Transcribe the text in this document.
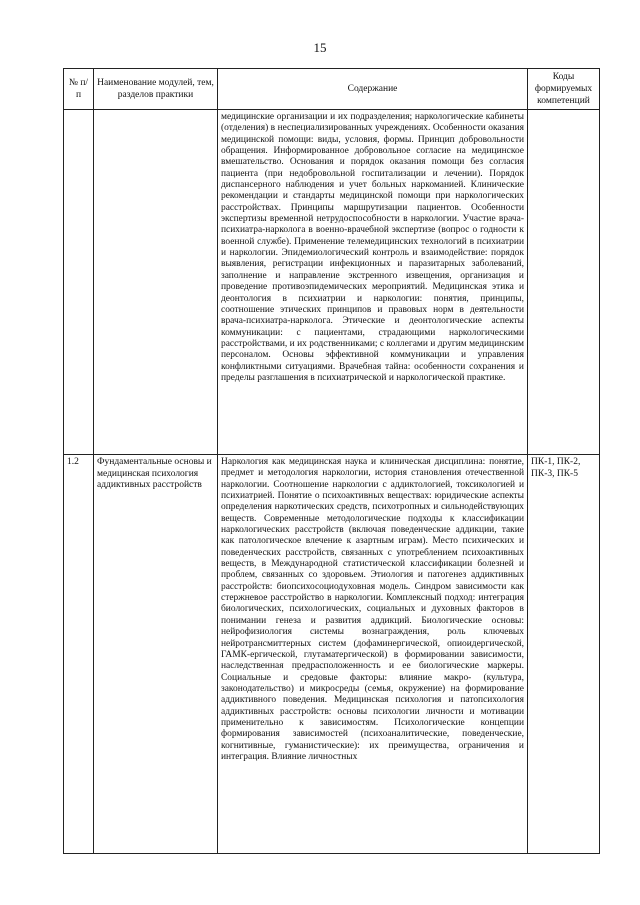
15
№ п/п	Наименование модулей, тем, разделов практики	Содержание	Коды формируемых компетенций
		медицинские организации и их подразделения; наркологические кабинеты (отделения) в неспециализированных учреждениях. Особенности оказания медицинской помощи: виды, условия, формы. Принцип добровольности обращения. Информированное добровольное согласие на медицинское вмешательство. Основания и порядок оказания помощи без согласия пациента (при недобровольной госпитализации и лечении). Порядок диспансерного наблюдения и учет больных наркоманией. Клинические рекомендации и стандарты медицинской помощи при наркологических расстройствах. Принципы маршрутизации пациентов. Особенности экспертизы временной нетрудоспособности в наркологии. Участие врача-психиатра-нарколога в военно-врачебной экспертизе (вопрос о годности к военной службе). Применение телемедицинских технологий в психиатрии и наркологии. Эпидемиологический контроль и взаимодействие: порядок выявления, регистрации инфекционных и паразитарных заболеваний, заполнение и направление экстренного извещения, организация и проведение противоэпидемических мероприятий. Медицинская этика и деонтология в психиатрии и наркологии: понятия, принципы, соотношение этических принципов и правовых норм в деятельности врача-психиатра-нарколога. Этические и деонтологические аспекты коммуникации: с пациентами, страдающими наркологическими расстройствами, и их родственниками; с коллегами и другим медицинским персоналом. Основы эффективной коммуникации и управления конфликтными ситуациями. Врачебная тайна: особенности сохранения и пределы разглашения в психиатрической и наркологической практике.	
1.2	Фундаментальные основы и медицинская психология аддиктивных расстройств	Наркология как медицинская наука и клиническая дисциплина: понятие, предмет и методология наркологии, история становления отечественной наркологии. Соотношение наркологии с аддиктологией, токсикологией и психиатрией. Понятие о психоактивных веществах: юридические аспекты определения наркотических средств, психотропных и сильнодействующих веществ. Современные методологические подходы к классификации наркологических расстройств (включая поведенческие аддикции, такие как патологическое влечение к азартным играм). Место психических и поведенческих расстройств, связанных с употреблением психоактивных веществ, в Международной статистической классификации болезней и проблем, связанных со здоровьем. Этиология и патогенез аддиктивных расстройств: биопсихосоциодуховная модель. Синдром зависимости как стержневое расстройство в наркологии. Комплексный подход: интеграция биологических, психологических, социальных и духовных факторов в понимании генеза и развития аддикций. Биологические основы: нейрофизиология системы вознаграждения, роль ключевых нейротрансмиттерных систем (дофаминергической, опиоидергической, ГАМК-ергической, глутаматергической) в формировании зависимости, наследственная предрасположенность и ее биологические маркеры. Социальные и средовые факторы: влияние макро- (культура, законодательство) и микросреды (семья, окружение) на формирование аддиктивного поведения. Медицинская психология и патопсихология аддиктивных расстройств: основы психологии личности и мотивации применительно к зависимостям. Психологические концепции формирования зависимостей (психоаналитические, поведенческие, когнитивные, гуманистические): их преимущества, ограничения и интеграция. Влияние личностных	ПК-1, ПК-2, ПК-3, ПК-5
